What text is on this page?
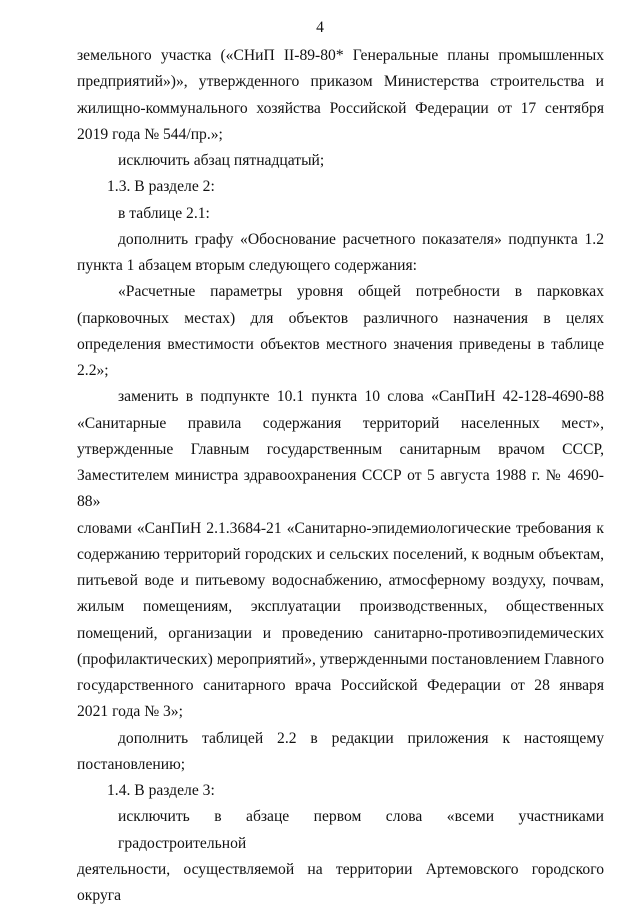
4
земельного участка («СНиП II-89-80* Генеральные планы промышленных
предприятий»)», утвержденного приказом Министерства строительства и
жилищно-коммунального хозяйства Российской Федерации от 17 сентября
2019 года № 544/пр.»;
исключить абзац пятнадцатый;
1.3. В разделе 2:
в таблице 2.1:
дополнить графу «Обоснование расчетного показателя» подпункта 1.2
пункта 1 абзацем вторым следующего содержания:
«Расчетные параметры уровня общей потребности в парковках
(парковочных местах) для объектов различного назначения в целях
определения вместимости объектов местного значения приведены в таблице
2.2»;
заменить в подпункте 10.1 пункта 10 слова «СанПиН 42-128-4690-88
«Санитарные правила содержания территорий населенных мест»,
утвержденные Главным государственным санитарным врачом СССР,
Заместителем министра здравоохранения СССР от 5 августа 1988 г. № 4690-88»
словами «СанПиН 2.1.3684-21 «Санитарно-эпидемиологические требования к
содержанию территорий городских и сельских поселений, к водным объектам,
питьевой воде и питьевому водоснабжению, атмосферному воздуху, почвам,
жилым помещениям, эксплуатации производственных, общественных
помещений, организации и проведению санитарно-противоэпидемических
(профилактических) мероприятий», утвержденными постановлением Главного
государственного санитарного врача Российской Федерации от 28 января
2021 года № 3»;
дополнить таблицей 2.2 в редакции приложения к настоящему
постановлению;
1.4. В разделе 3:
исключить в абзаце первом слова «всеми участниками градостроительной
деятельности, осуществляемой на территории Артемовского городского округа
